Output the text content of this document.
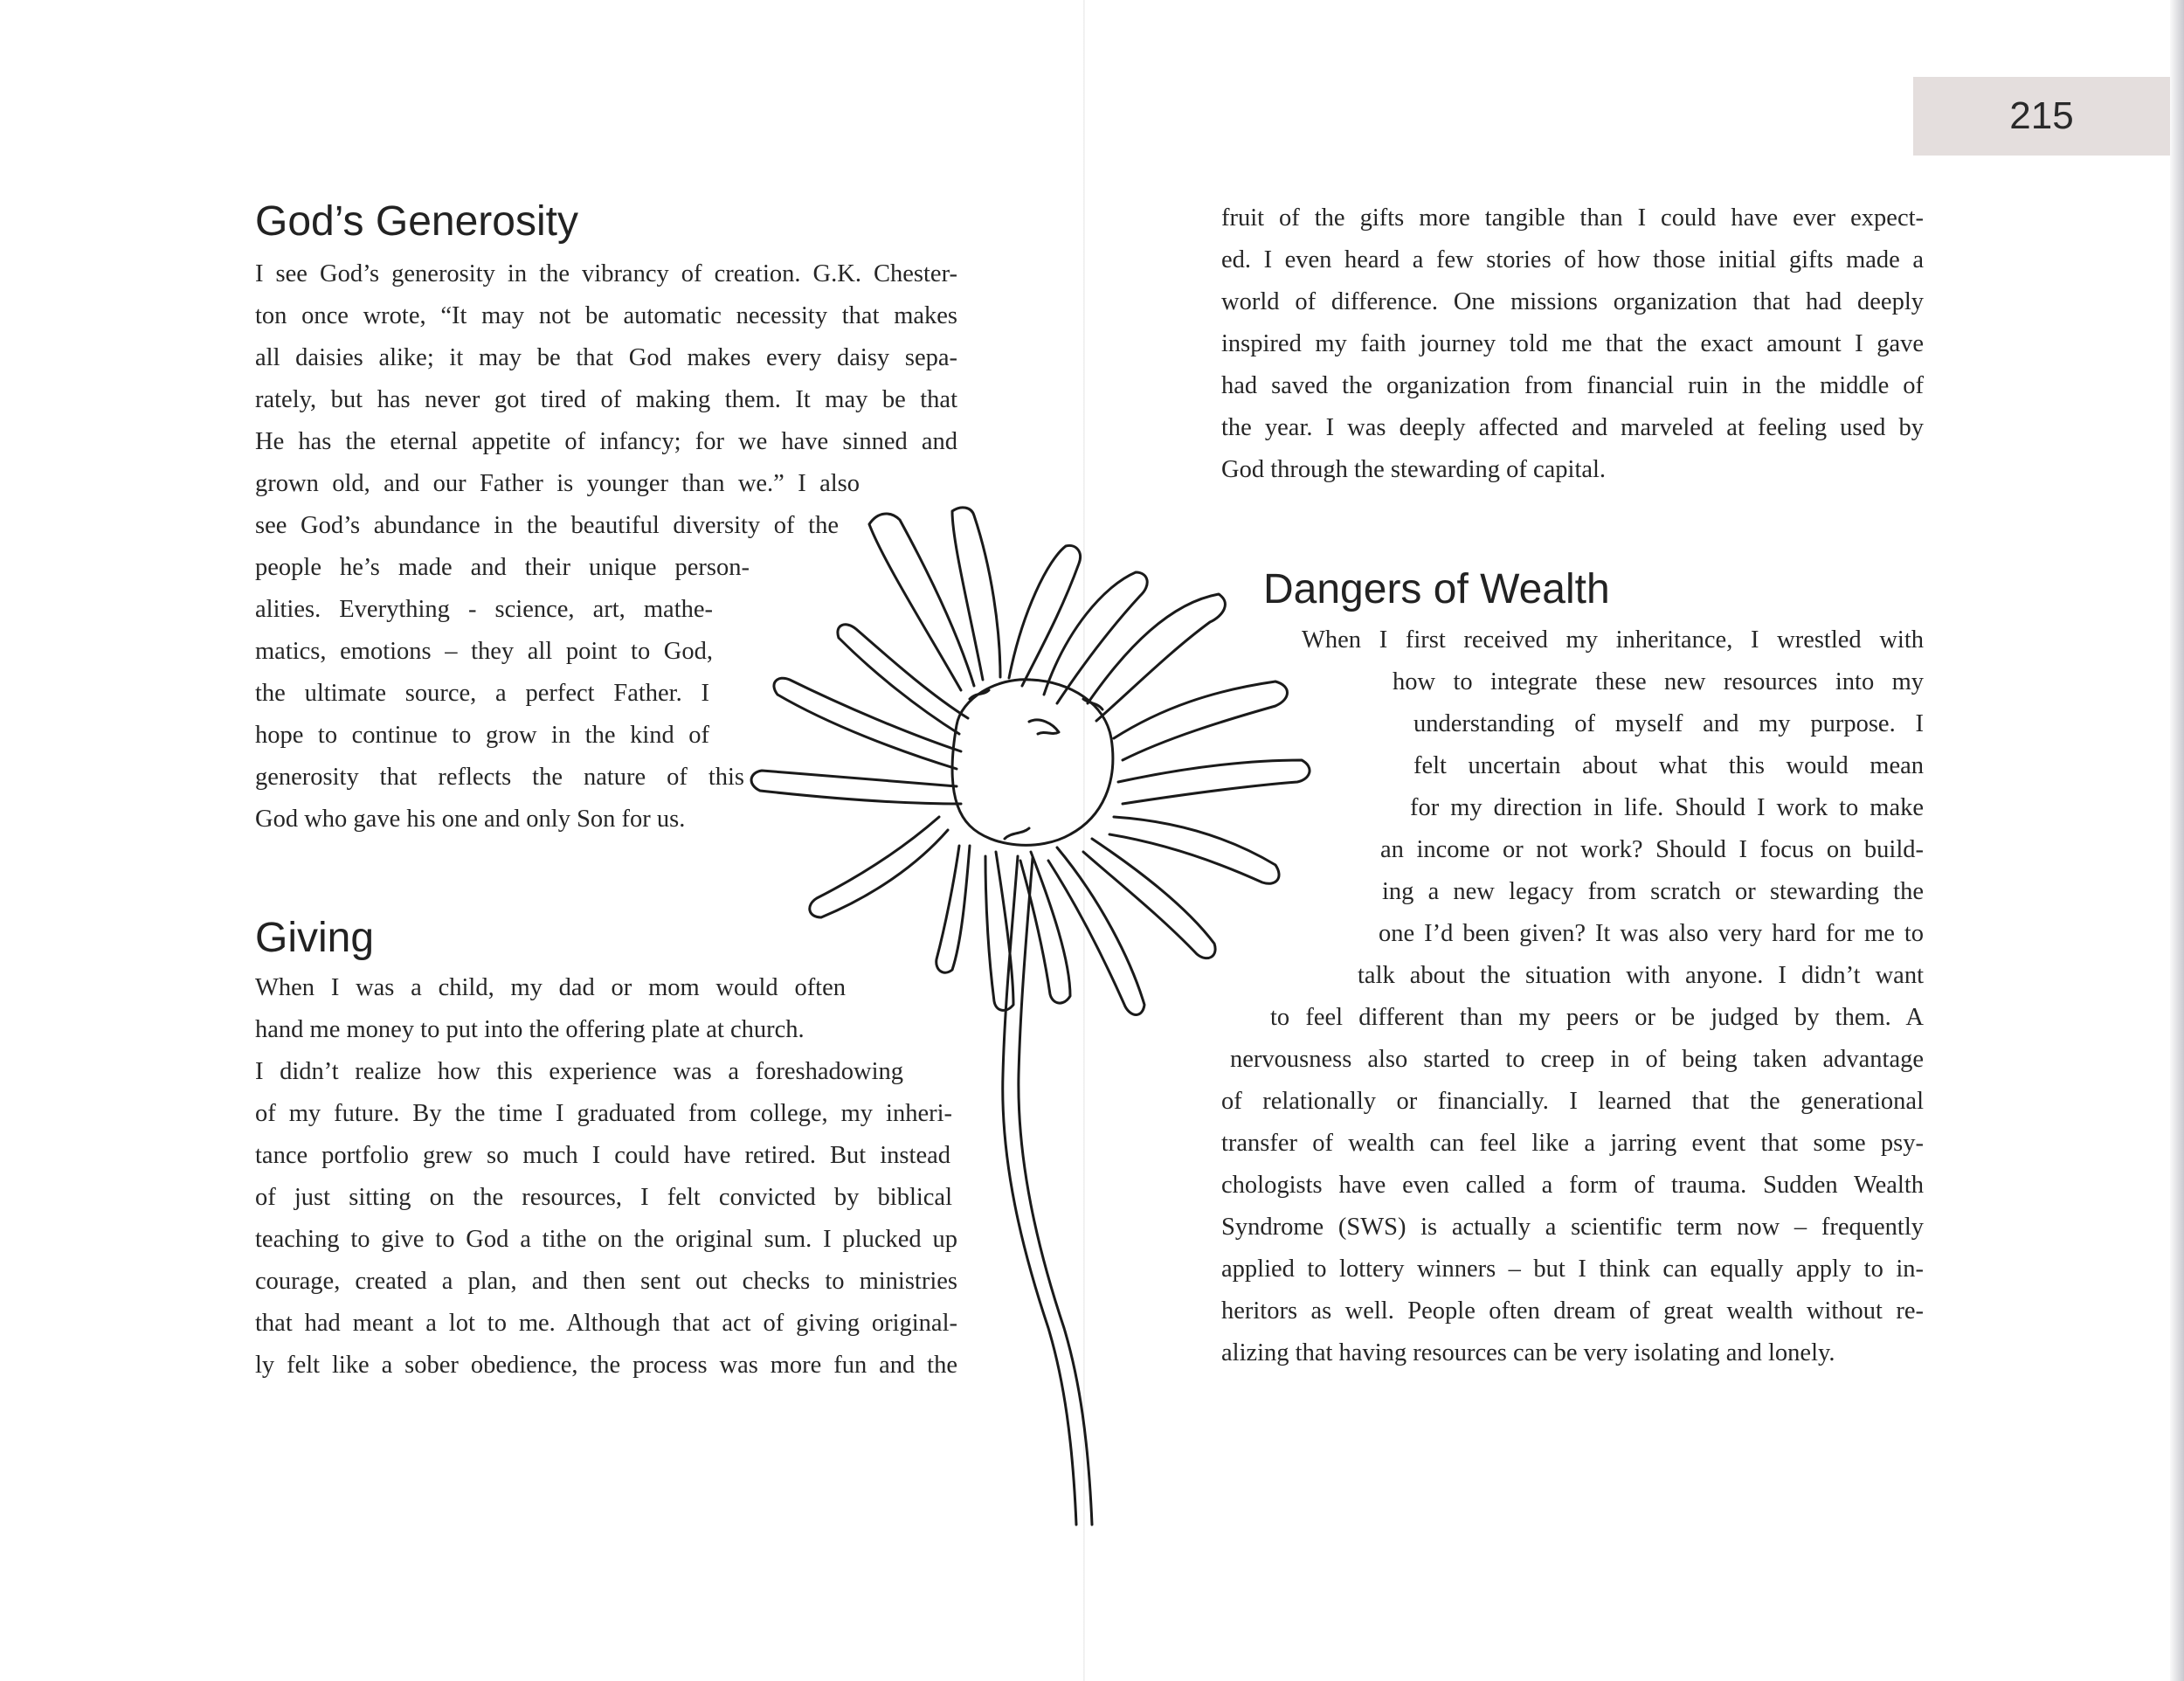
215
God’s Generosity
I see God’s generosity in the vibrancy of creation. G.K. Chester-
ton once wrote, “It may not be automatic necessity that makes
all daisies alike; it may be that God makes every daisy sepa-
rately, but has never got tired of making them. It may be that
He has the eternal appetite of infancy; for we have sinned and
grown old, and our Father is younger than we.” I also
see God’s abundance in the beautiful diversity of the
people he’s made and their unique person-
alities. Everything - science, art, mathe-
matics, emotions – they all point to God,
the ultimate source, a perfect Father. I
hope to continue to grow in the kind of
generosity that reflects the nature of this
God who gave his one and only Son for us.
Giving
When I was a child, my dad or mom would often
hand me money to put into the offering plate at church.
I didn’t realize how this experience was a foreshadowing
of my future. By the time I graduated from college, my inheri-
tance portfolio grew so much I could have retired. But instead
of just sitting on the resources, I felt convicted by biblical
teaching to give to God a tithe on the original sum. I plucked up
courage, created a plan, and then sent out checks to ministries
that had meant a lot to me. Although that act of giving original-
ly felt like a sober obedience, the process was more fun and the
fruit of the gifts more tangible than I could have ever expect-
ed. I even heard a few stories of how those initial gifts made a
world of difference. One missions organization that had deeply
inspired my faith journey told me that the exact amount I gave
had saved the organization from financial ruin in the middle of
the year. I was deeply affected and marveled at feeling used by
God through the stewarding of capital.
Dangers of Wealth
When I first received my inheritance, I wrestled with
how to integrate these new resources into my
understanding of myself and my purpose. I
felt uncertain about what this would mean
for my direction in life. Should I work to make
an income or not work? Should I focus on build-
ing a new legacy from scratch or stewarding the
one I’d been given? It was also very hard for me to
talk about the situation with anyone. I didn’t want
to feel different than my peers or be judged by them. A
nervousness also started to creep in of being taken advantage
of relationally or financially. I learned that the generational
transfer of wealth can feel like a jarring event that some psy-
chologists have even called a form of trauma. Sudden Wealth
Syndrome (SWS) is actually a scientific term now – frequently
applied to lottery winners – but I think can equally apply to in-
heritors as well. People often dream of great wealth without re-
alizing that having resources can be very isolating and lonely.
